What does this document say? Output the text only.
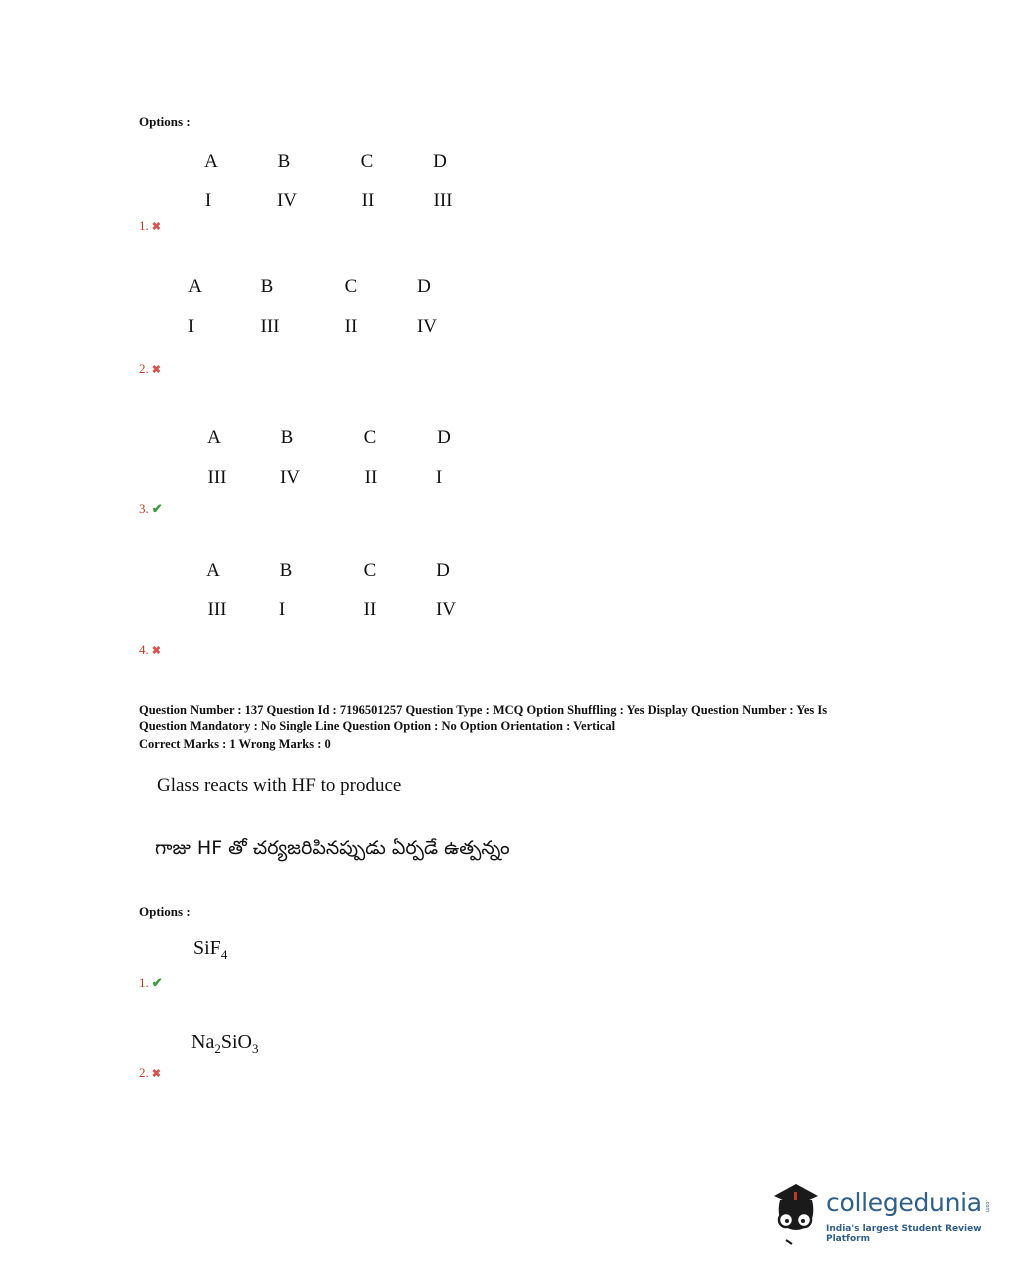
Options :
A	B	C	D
I	IV	II	III
1. ✖
A	B	C	D
I	III	II	IV
2. ✖
A	B	C	D
III	IV	II	I
3. ✔
A	B	C	D
III	I	II	IV
4. ✖
Question Number : 137 Question Id : 7196501257 Question Type : MCQ Option Shuffling : Yes Display Question Number : Yes Is
Question Mandatory : No Single Line Question Option : No Option Orientation : Vertical
Correct Marks : 1 Wrong Marks : 0
Glass reacts with HF to produce
గాజు HF తో చర్యజరిపినప్పుడు ఏర్పడే ఉత్పన్నం
Options :
SiF$_4$
1. ✔
$Na_2SiO_3$
2. ✖
collegedunia .com
India's largest Student Review Platform
